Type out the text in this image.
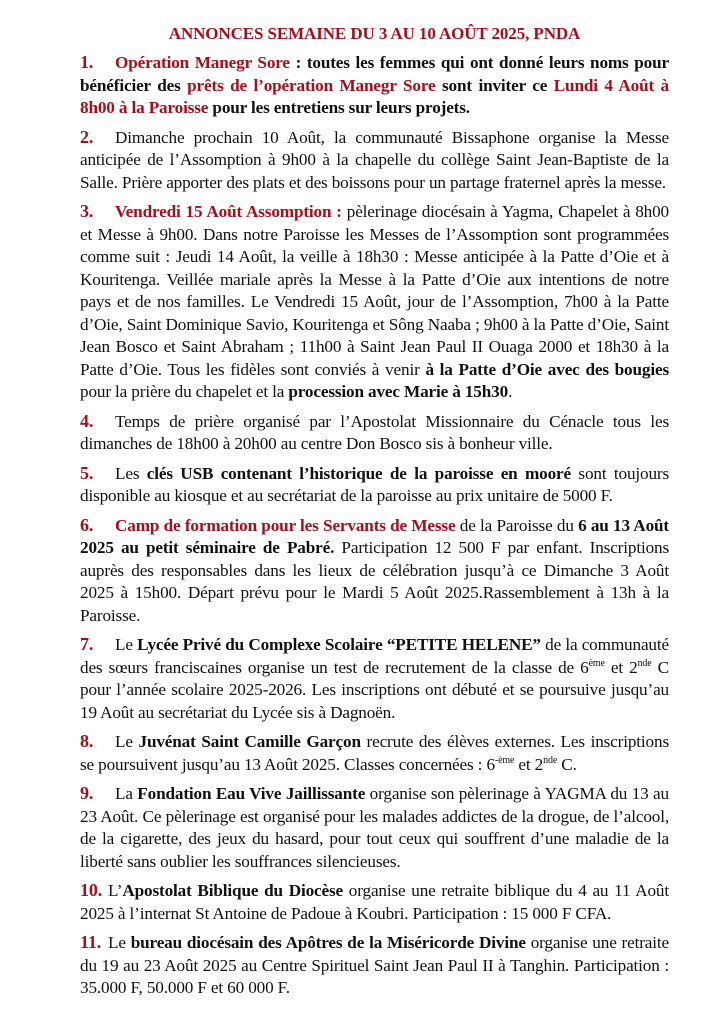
ANNONCES SEMAINE DU 3 AU 10 AOÛT 2025, PNDA

1. Opération Manegr Sore : toutes les femmes qui ont donné leurs noms pour bénéficier des prêts de l’opération Manegr Sore sont inviter ce Lundi 4 Août à 8h00 à la Paroisse pour les entretiens sur leurs projets.

2. Dimanche prochain 10 Août, la communauté Bissaphone organise la Messe anticipée de l’Assomption à 9h00 à la chapelle du collège Saint Jean-Baptiste de la Salle. Prière apporter des plats et des boissons pour un partage fraternel après la messe.

3. Vendredi 15 Août Assomption : pèlerinage diocésain à Yagma, Chapelet à 8h00 et Messe à 9h00. Dans notre Paroisse les Messes de l’Assomption sont programmées comme suit : Jeudi 14 Août, la veille à 18h30 : Messe anticipée à la Patte d’Oie et à Kouritenga. Veillée mariale après la Messe à la Patte d’Oie aux intentions de notre pays et de nos familles. Le Vendredi 15 Août, jour de l’Assomption, 7h00 à la Patte d’Oie, Saint Dominique Savio, Kouritenga et Sông Naaba ; 9h00 à la Patte d’Oie, Saint Jean Bosco et Saint Abraham ; 11h00 à Saint Jean Paul II Ouaga 2000 et 18h30 à la Patte d’Oie. Tous les fidèles sont conviés à venir à la Patte d’Oie avec des bougies pour la prière du chapelet et la procession avec Marie à 15h30.

4. Temps de prière organisé par l’Apostolat Missionnaire du Cénacle tous les dimanches de 18h00 à 20h00 au centre Don Bosco sis à bonheur ville.

5. Les clés USB contenant l’historique de la paroisse en mooré sont toujours disponible au kiosque et au secrétariat de la paroisse au prix unitaire de 5000 F.

6. Camp de formation pour les Servants de Messe de la Paroisse du 6 au 13 Août 2025 au petit séminaire de Pabré. Participation 12 500 F par enfant. Inscriptions auprès des responsables dans les lieux de célébration jusqu’à ce Dimanche 3 Août 2025 à 15h00. Départ prévu pour le Mardi 5 Août 2025.Rassemblement à 13h à la Paroisse.

7. Le Lycée Privé du Complexe Scolaire “PETITE HELENE” de la communauté des sœurs franciscaines organise un test de recrutement de la classe de 6ème et 2nde C pour l’année scolaire 2025-2026. Les inscriptions ont débuté et se poursuive jusqu’au 19 Août au secrétariat du Lycée sis à Dagnoën.

8. Le Juvénat Saint Camille Garçon recrute des élèves externes. Les inscriptions se poursuivent jusqu’au 13 Août 2025. Classes concernées : $6^{-ème}$ et 2nde C.

9. La Fondation Eau Vive Jaillissante organise son pèlerinage à YAGMA du 13 au 23 Août. Ce pèlerinage est organisé pour les malades addictes de la drogue, de l’alcool, de la cigarette, des jeux du hasard, pour tout ceux qui souffrent d’une maladie de la liberté sans oublier les souffrances silencieuses.

10. L’Apostolat Biblique du Diocèse organise une retraite biblique du 4 au 11 Août 2025 à l’internat St Antoine de Padoue à Koubri. Participation : 15 000 F CFA.

11. Le bureau diocésain des Apôtres de la Miséricorde Divine organise une retraite du 19 au 23 Août 2025 au Centre Spirituel Saint Jean Paul II à Tanghin. Participation : 35.000 F, 50.000 F et 60 000 F.
